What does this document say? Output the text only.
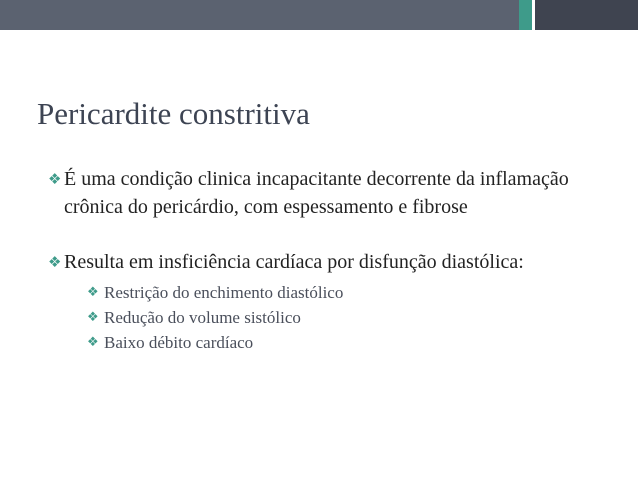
Pericardite constritiva
❖ É uma condição clinica incapacitante decorrente da inflamação crônica do pericárdio, com espessamento e fibrose
❖ Resulta em insficiência cardíaca por disfunção diastólica:
❖ Restrição do enchimento diastólico
❖ Redução do volume sistólico
❖ Baixo débito cardíaco
